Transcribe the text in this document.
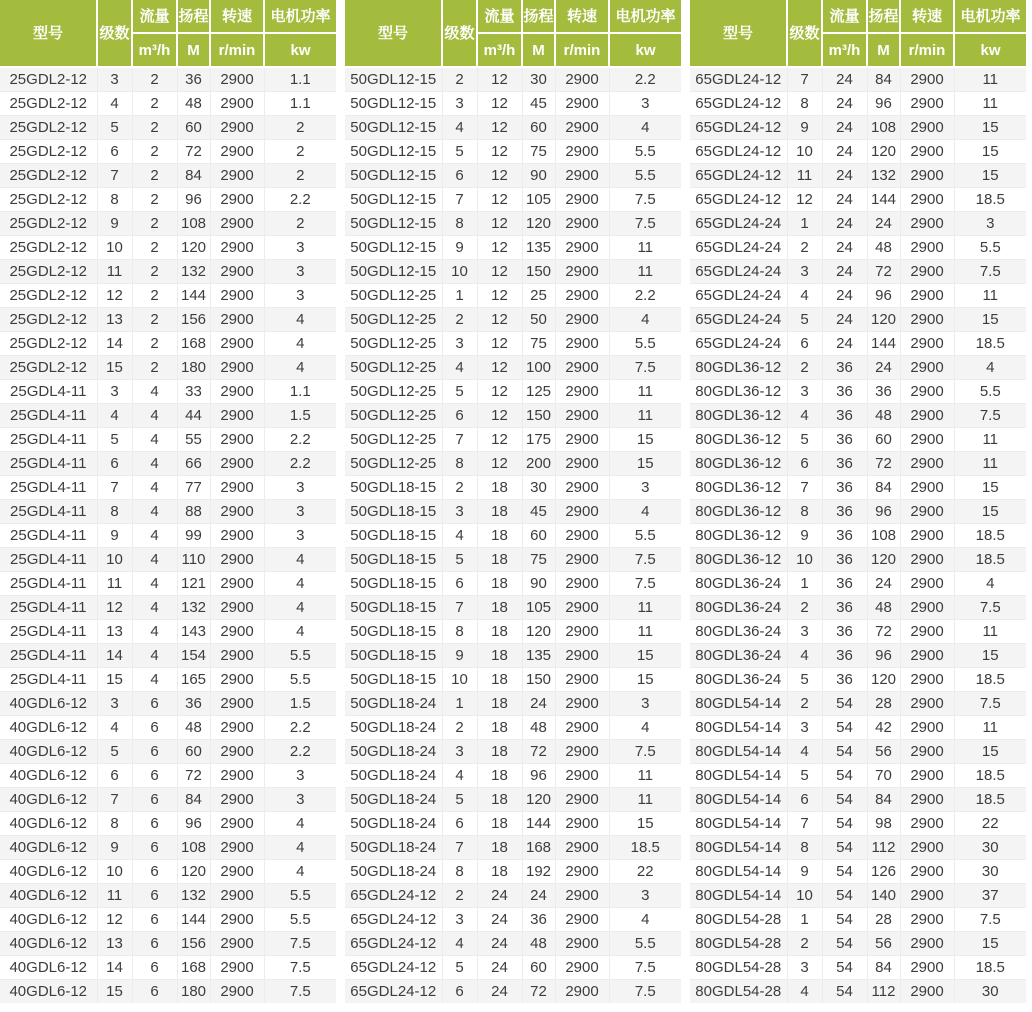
型号	级数	流量	扬程	转速	电机功率
		m³/h	M	r/min	kw
25GDL2-12	3	2	36	2900	1.1
25GDL2-12	4	2	48	2900	1.1
25GDL2-12	5	2	60	2900	2
25GDL2-12	6	2	72	2900	2
25GDL2-12	7	2	84	2900	2
25GDL2-12	8	2	96	2900	2.2
25GDL2-12	9	2	108	2900	2
25GDL2-12	10	2	120	2900	3
25GDL2-12	11	2	132	2900	3
25GDL2-12	12	2	144	2900	3
25GDL2-12	13	2	156	2900	4
25GDL2-12	14	2	168	2900	4
25GDL2-12	15	2	180	2900	4
25GDL4-11	3	4	33	2900	1.1
25GDL4-11	4	4	44	2900	1.5
25GDL4-11	5	4	55	2900	2.2
25GDL4-11	6	4	66	2900	2.2
25GDL4-11	7	4	77	2900	3
25GDL4-11	8	4	88	2900	3
25GDL4-11	9	4	99	2900	3
25GDL4-11	10	4	110	2900	4
25GDL4-11	11	4	121	2900	4
25GDL4-11	12	4	132	2900	4
25GDL4-11	13	4	143	2900	4
25GDL4-11	14	4	154	2900	5.5
25GDL4-11	15	4	165	2900	5.5
40GDL6-12	3	6	36	2900	1.5
40GDL6-12	4	6	48	2900	2.2
40GDL6-12	5	6	60	2900	2.2
40GDL6-12	6	6	72	2900	3
40GDL6-12	7	6	84	2900	3
40GDL6-12	8	6	96	2900	4
40GDL6-12	9	6	108	2900	4
40GDL6-12	10	6	120	2900	4
40GDL6-12	11	6	132	2900	5.5
40GDL6-12	12	6	144	2900	5.5
40GDL6-12	13	6	156	2900	7.5
40GDL6-12	14	6	168	2900	7.5
40GDL6-12	15	6	180	2900	7.5
型号	级数	流量	扬程	转速	电机功率
		m³/h	M	r/min	kw
50GDL12-15	2	12	30	2900	2.2
50GDL12-15	3	12	45	2900	3
50GDL12-15	4	12	60	2900	4
50GDL12-15	5	12	75	2900	5.5
50GDL12-15	6	12	90	2900	5.5
50GDL12-15	7	12	105	2900	7.5
50GDL12-15	8	12	120	2900	7.5
50GDL12-15	9	12	135	2900	11
50GDL12-15	10	12	150	2900	11
50GDL12-25	1	12	25	2900	2.2
50GDL12-25	2	12	50	2900	4
50GDL12-25	3	12	75	2900	5.5
50GDL12-25	4	12	100	2900	7.5
50GDL12-25	5	12	125	2900	11
50GDL12-25	6	12	150	2900	11
50GDL12-25	7	12	175	2900	15
50GDL12-25	8	12	200	2900	15
50GDL18-15	2	18	30	2900	3
50GDL18-15	3	18	45	2900	4
50GDL18-15	4	18	60	2900	5.5
50GDL18-15	5	18	75	2900	7.5
50GDL18-15	6	18	90	2900	7.5
50GDL18-15	7	18	105	2900	11
50GDL18-15	8	18	120	2900	11
50GDL18-15	9	18	135	2900	15
50GDL18-15	10	18	150	2900	15
50GDL18-24	1	18	24	2900	3
50GDL18-24	2	18	48	2900	4
50GDL18-24	3	18	72	2900	7.5
50GDL18-24	4	18	96	2900	11
50GDL18-24	5	18	120	2900	11
50GDL18-24	6	18	144	2900	15
50GDL18-24	7	18	168	2900	18.5
50GDL18-24	8	18	192	2900	22
65GDL24-12	2	24	24	2900	3
65GDL24-12	3	24	36	2900	4
65GDL24-12	4	24	48	2900	5.5
65GDL24-12	5	24	60	2900	7.5
65GDL24-12	6	24	72	2900	7.5
型号	级数	流量	扬程	转速	电机功率
		m³/h	M	r/min	kw
65GDL24-12	7	24	84	2900	11
65GDL24-12	8	24	96	2900	11
65GDL24-12	9	24	108	2900	15
65GDL24-12	10	24	120	2900	15
65GDL24-12	11	24	132	2900	15
65GDL24-12	12	24	144	2900	18.5
65GDL24-24	1	24	24	2900	3
65GDL24-24	2	24	48	2900	5.5
65GDL24-24	3	24	72	2900	7.5
65GDL24-24	4	24	96	2900	11
65GDL24-24	5	24	120	2900	15
65GDL24-24	6	24	144	2900	18.5
80GDL36-12	2	36	24	2900	4
80GDL36-12	3	36	36	2900	5.5
80GDL36-12	4	36	48	2900	7.5
80GDL36-12	5	36	60	2900	11
80GDL36-12	6	36	72	2900	11
80GDL36-12	7	36	84	2900	15
80GDL36-12	8	36	96	2900	15
80GDL36-12	9	36	108	2900	18.5
80GDL36-12	10	36	120	2900	18.5
80GDL36-24	1	36	24	2900	4
80GDL36-24	2	36	48	2900	7.5
80GDL36-24	3	36	72	2900	11
80GDL36-24	4	36	96	2900	15
80GDL36-24	5	36	120	2900	18.5
80GDL54-14	2	54	28	2900	7.5
80GDL54-14	3	54	42	2900	11
80GDL54-14	4	54	56	2900	15
80GDL54-14	5	54	70	2900	18.5
80GDL54-14	6	54	84	2900	18.5
80GDL54-14	7	54	98	2900	22
80GDL54-14	8	54	112	2900	30
80GDL54-14	9	54	126	2900	30
80GDL54-14	10	54	140	2900	37
80GDL54-28	1	54	28	2900	7.5
80GDL54-28	2	54	56	2900	15
80GDL54-28	3	54	84	2900	18.5
80GDL54-28	4	54	112	2900	30
